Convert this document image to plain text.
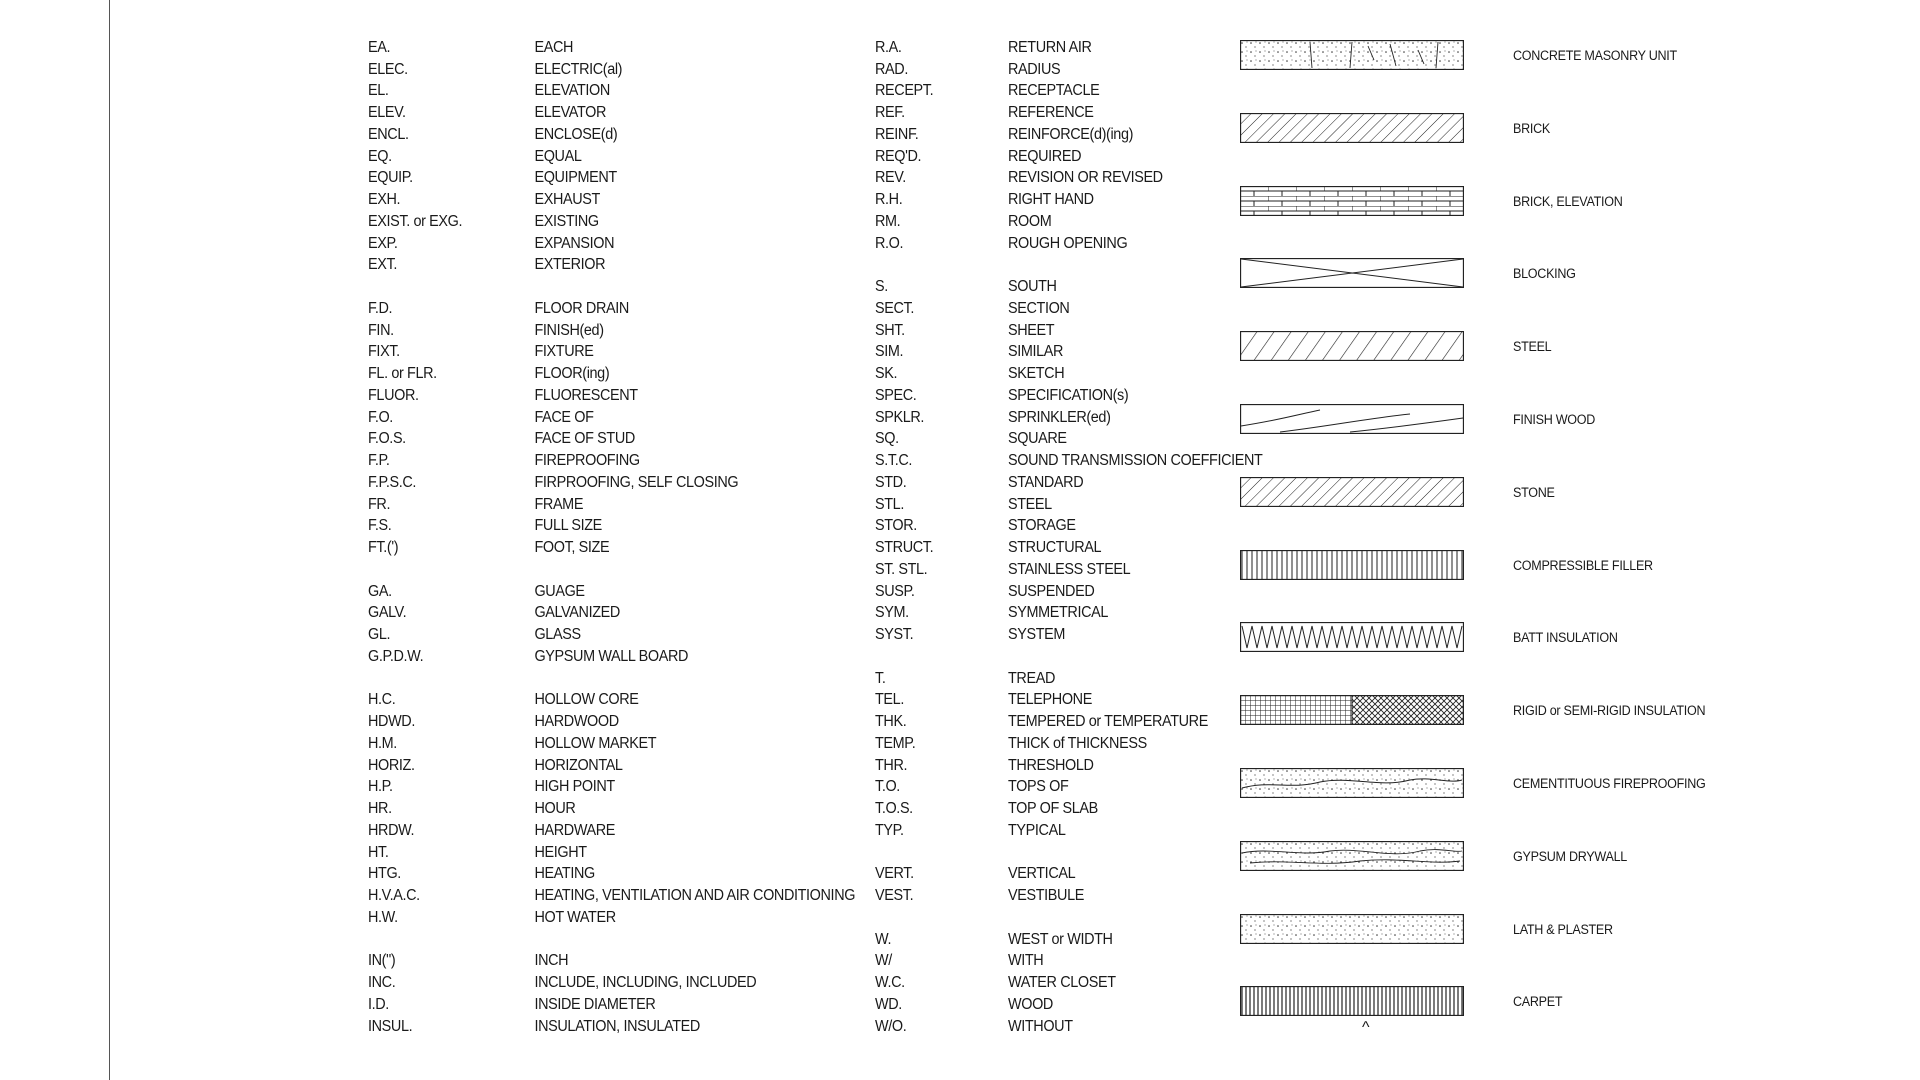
EA.	EACH
ELEC.	ELECTRIC(al)
EL.	ELEVATION
ELEV.	ELEVATOR
ENCL.	ENCLOSE(d)
EQ.	EQUAL
EQUIP.	EQUIPMENT
EXH.	EXHAUST
EXIST. or EXG.	EXISTING
EXP.	EXPANSION
EXT.	EXTERIOR
F.D.	FLOOR DRAIN
FIN.	FINISH(ed)
FIXT.	FIXTURE
FL. or FLR.	FLOOR(ing)
FLUOR.	FLUORESCENT
F.O.	FACE OF
F.O.S.	FACE OF STUD
F.P.	FIREPROOFING
F.P.S.C.	FIRPROOFING, SELF CLOSING
FR.	FRAME
F.S.	FULL SIZE
FT.(')	FOOT, SIZE
GA.	GUAGE
GALV.	GALVANIZED
GL.	GLASS
G.P.D.W.	GYPSUM WALL BOARD
H.C.	HOLLOW CORE
HDWD.	HARDWOOD
H.M.	HOLLOW MARKET
HORIZ.	HORIZONTAL
H.P.	HIGH POINT
HR.	HOUR
HRDW.	HARDWARE
HT.	HEIGHT
HTG.	HEATING
H.V.A.C.	HEATING, VENTILATION AND AIR CONDITIONING
H.W.	HOT WATER
IN(")	INCH
INC.	INCLUDE, INCLUDING, INCLUDED
I.D.	INSIDE DIAMETER
INSUL.	INSULATION, INSULATED
R.A.	RETURN AIR
RAD.	RADIUS
RECEPT.	RECEPTACLE
REF.	REFERENCE
REINF.	REINFORCE(d)(ing)
REQ'D.	REQUIRED
REV.	REVISION OR REVISED
R.H.	RIGHT HAND
RM.	ROOM
R.O.	ROUGH OPENING
S.	SOUTH
SECT.	SECTION
SHT.	SHEET
SIM.	SIMILAR
SK.	SKETCH
SPEC.	SPECIFICATION(s)
SPKLR.	SPRINKLER(ed)
SQ.	SQUARE
S.T.C.	SOUND TRANSMISSION COEFFICIENT
STD.	STANDARD
STL.	STEEL
STOR.	STORAGE
STRUCT.	STRUCTURAL
ST. STL.	STAINLESS STEEL
SUSP.	SUSPENDED
SYM.	SYMMETRICAL
SYST.	SYSTEM
T.	TREAD
TEL.	TELEPHONE
THK.	TEMPERED or TEMPERATURE
TEMP.	THICK of THICKNESS
THR.	THRESHOLD
T.O.	TOPS OF
T.O.S.	TOP OF SLAB
TYP.	TYPICAL
VERT.	VERTICAL
VEST.	VESTIBULE
W.	WEST or WIDTH
W/	WITH
W.C.	WATER CLOSET
WD.	WOOD
W/O.	WITHOUT
CONCRETE MASONRY UNIT
BRICK
BRICK, ELEVATION
BLOCKING
STEEL
FINISH WOOD
STONE
COMPRESSIBLE FILLER
BATT INSULATION
RIGID or SEMI-RIGID INSULATION
CEMENTITUOUS FIREPROOFING
GYPSUM DRYWALL
LATH & PLASTER
CARPET
^
